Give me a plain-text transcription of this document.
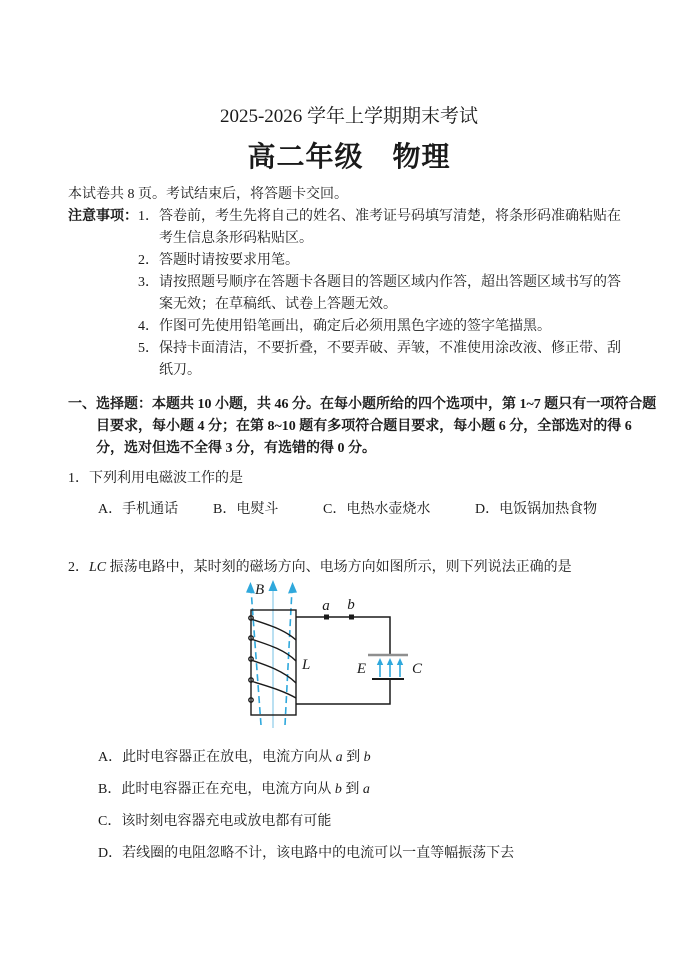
2025-2026 学年上学期期末考试

高二年级　物理

本试卷共 8 页。考试结束后，将答题卡交回。

注意事项： 1． 答卷前，考生先将自己的姓名、准考证号码填写清楚，将条形码准确粘贴在考生信息条形码粘贴区。
2． 答题时请按要求用笔。
3． 请按照题号顺序在答题卡各题目的答题区域内作答，超出答题区域书写的答案无效；在草稿纸、试卷上答题无效。
4． 作图可先使用铅笔画出，确定后必须用黑色字迹的签字笔描黑。
5． 保持卡面清洁，不要折叠，不要弄破、弄皱，不准使用涂改液、修正带、刮纸刀。

一、选择题：本题共 10 小题，共 46 分。在每小题所给的四个选项中，第 1~7 题只有一项符合题目要求，每小题 4 分；在第 8~10 题有多项符合题目要求，每小题 6 分，全部选对的得 6 分，选对但选不全得 3 分，有选错的得 0 分。

1．下列利用电磁波工作的是

A．手机通话	B．电熨斗	C．电热水壶烧水	D．电饭锅加热食物

2．LC 振荡电路中，某时刻的磁场方向、电场方向如图所示，则下列说法正确的是

B
a b
L	E	C

A．此时电容器正在放电，电流方向从 a 到 b

B．此时电容器正在充电，电流方向从 b 到 a

C．该时刻电容器充电或放电都有可能

D．若线圈的电阻忽略不计，该电路中的电流可以一直等幅振荡下去
